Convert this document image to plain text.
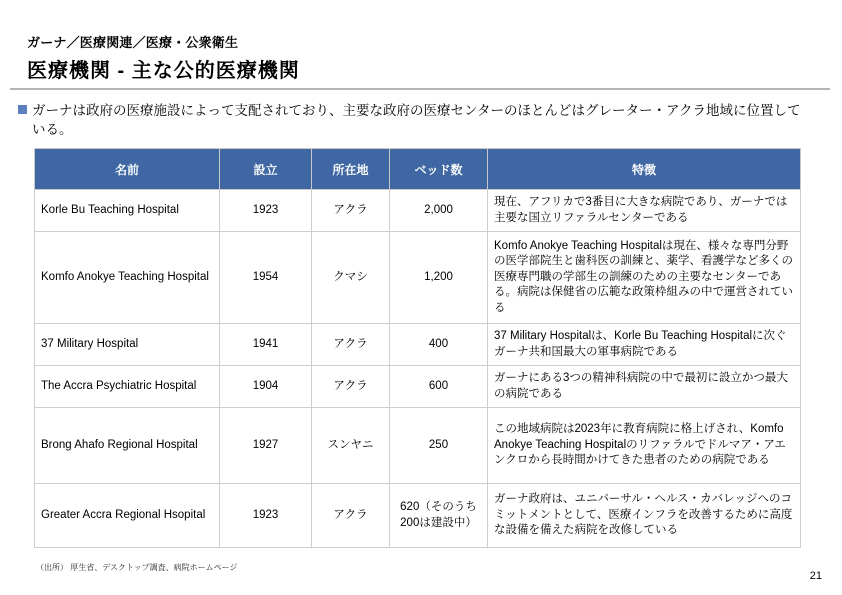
ガーナ／医療関連／医療・公衆衛生
医療機関 - 主な公的医療機関
ガーナは政府の医療施設によって支配されており、主要な政府の医療センターのほとんどはグレーター・アクラ地域に位置している。
名前	設立	所在地	ベッド数	特徴
Korle Bu Teaching Hospital	1923	アクラ	2,000	現在、アフリカで3番目に大きな病院であり、ガーナでは主要な国立リファラルセンターである
Komfo Anokye Teaching Hospital	1954	クマシ	1,200	Komfo Anokye Teaching Hospitalは現在、様々な専門分野の医学部院生と歯科医の訓練と、薬学、看護学など多くの医療専門職の学部生の訓練のための主要なセンターである。病院は保健省の広範な政策枠組みの中で運営されている
37 Military Hospital	1941	アクラ	400	37 Military Hospitalは、Korle Bu Teaching Hospitalに次ぐガーナ共和国最大の軍事病院である
The Accra Psychiatric Hospital	1904	アクラ	600	ガーナにある3つの精神科病院の中で最初に設立かつ最大の病院である
Brong Ahafo Regional Hospital	1927	スンヤニ	250	この地域病院は2023年に教育病院に格上げされ、Komfo Anokye Teaching Hospitalのリファラルでドルマア・アエンクロから長時間かけてきた患者のための病院である
Greater Accra Regional Hsopital	1923	アクラ	620（そのうち200は建設中）	ガーナ政府は、ユニバーサル・ヘルス・カバレッジへのコミットメントとして、医療インフラを改善するために高度な設備を備えた病院を改修している
（出所） 厚生省、デスクトップ調査、病院ホームページ
21
